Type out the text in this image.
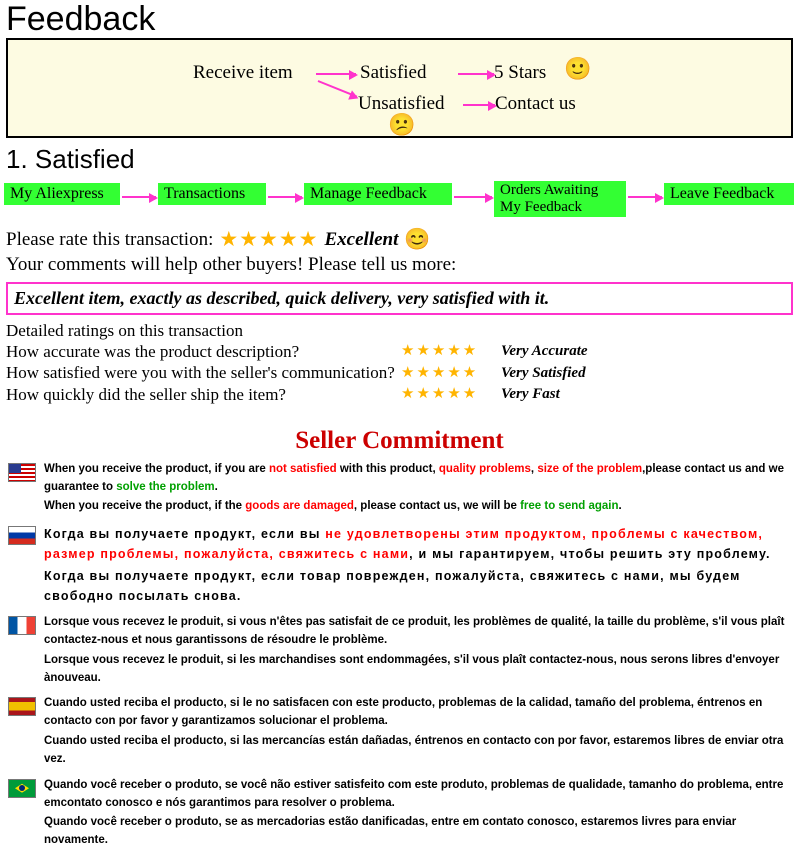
Feedback
Receive item	Satisfied	5 Stars 🙂
Unsatisfied	Contact us
😕
1. Satisfied
My Aliexpress	Transactions	Manage Feedback	Orders Awaiting My Feedback
Leave Feedback
Please rate this transaction: ★★★★★ Excellent 😊
Your comments will help other buyers! Please tell us more:
Excellent item, exactly as described, quick delivery, very satisfied with it.
Detailed ratings on this transaction
How accurate was the product description?	★★★★★	Very Accurate
How satisfied were you with the seller's communication? ★★★★★	Very Satisfied
How quickly did the seller ship the item?	★★★★★	Very Fast
Seller Commitment

When you receive the product, if you are not satisfied with this product, quality problems, size of the problem,please contact us and we guarantee to solve the problem.

When you receive the product, if the goods are damaged, please contact us, we will be free to send again.

Когда вы получаете продукт, если вы не удовлетворены этим продуктом, проблемы с качеством, размер проблемы, пожалуйста, свяжитесь с нами, и мы гарантируем, чтобы решить эту проблему.

Когда вы получаете продукт, если товар поврежден, пожалуйста, свяжитесь с нами, мы будем свободно посылать снова.

Lorsque vous recevez le produit, si vous n'êtes pas satisfait de ce produit, les problèmes de qualité, la taille du problème, s'il vous plaît contactez-nous et nous garantissons de résoudre le problème.

Lorsque vous recevez le produit, si les marchandises sont endommagées, s'il vous plaît contactez-nous, nous serons libres d'envoyer ànouveau.

Cuando usted reciba el producto, si le no satisfacen con este producto, problemas de la calidad, tamaño del problema, éntrenos en contacto con por favor y garantizamos solucionar el problema.

Cuando usted reciba el producto, si las mercancías están dañadas, éntrenos en contacto con por favor, estaremos libres de enviar otra vez.

Quando você receber o produto, se você não estiver satisfeito com este produto, problemas de qualidade, tamanho do problema, entre emcontato conosco e nós garantimos para resolver o problema.

Quando você receber o produto, se as mercadorias estão danificadas, entre em contato conosco, estaremos livres para enviar novamente.
